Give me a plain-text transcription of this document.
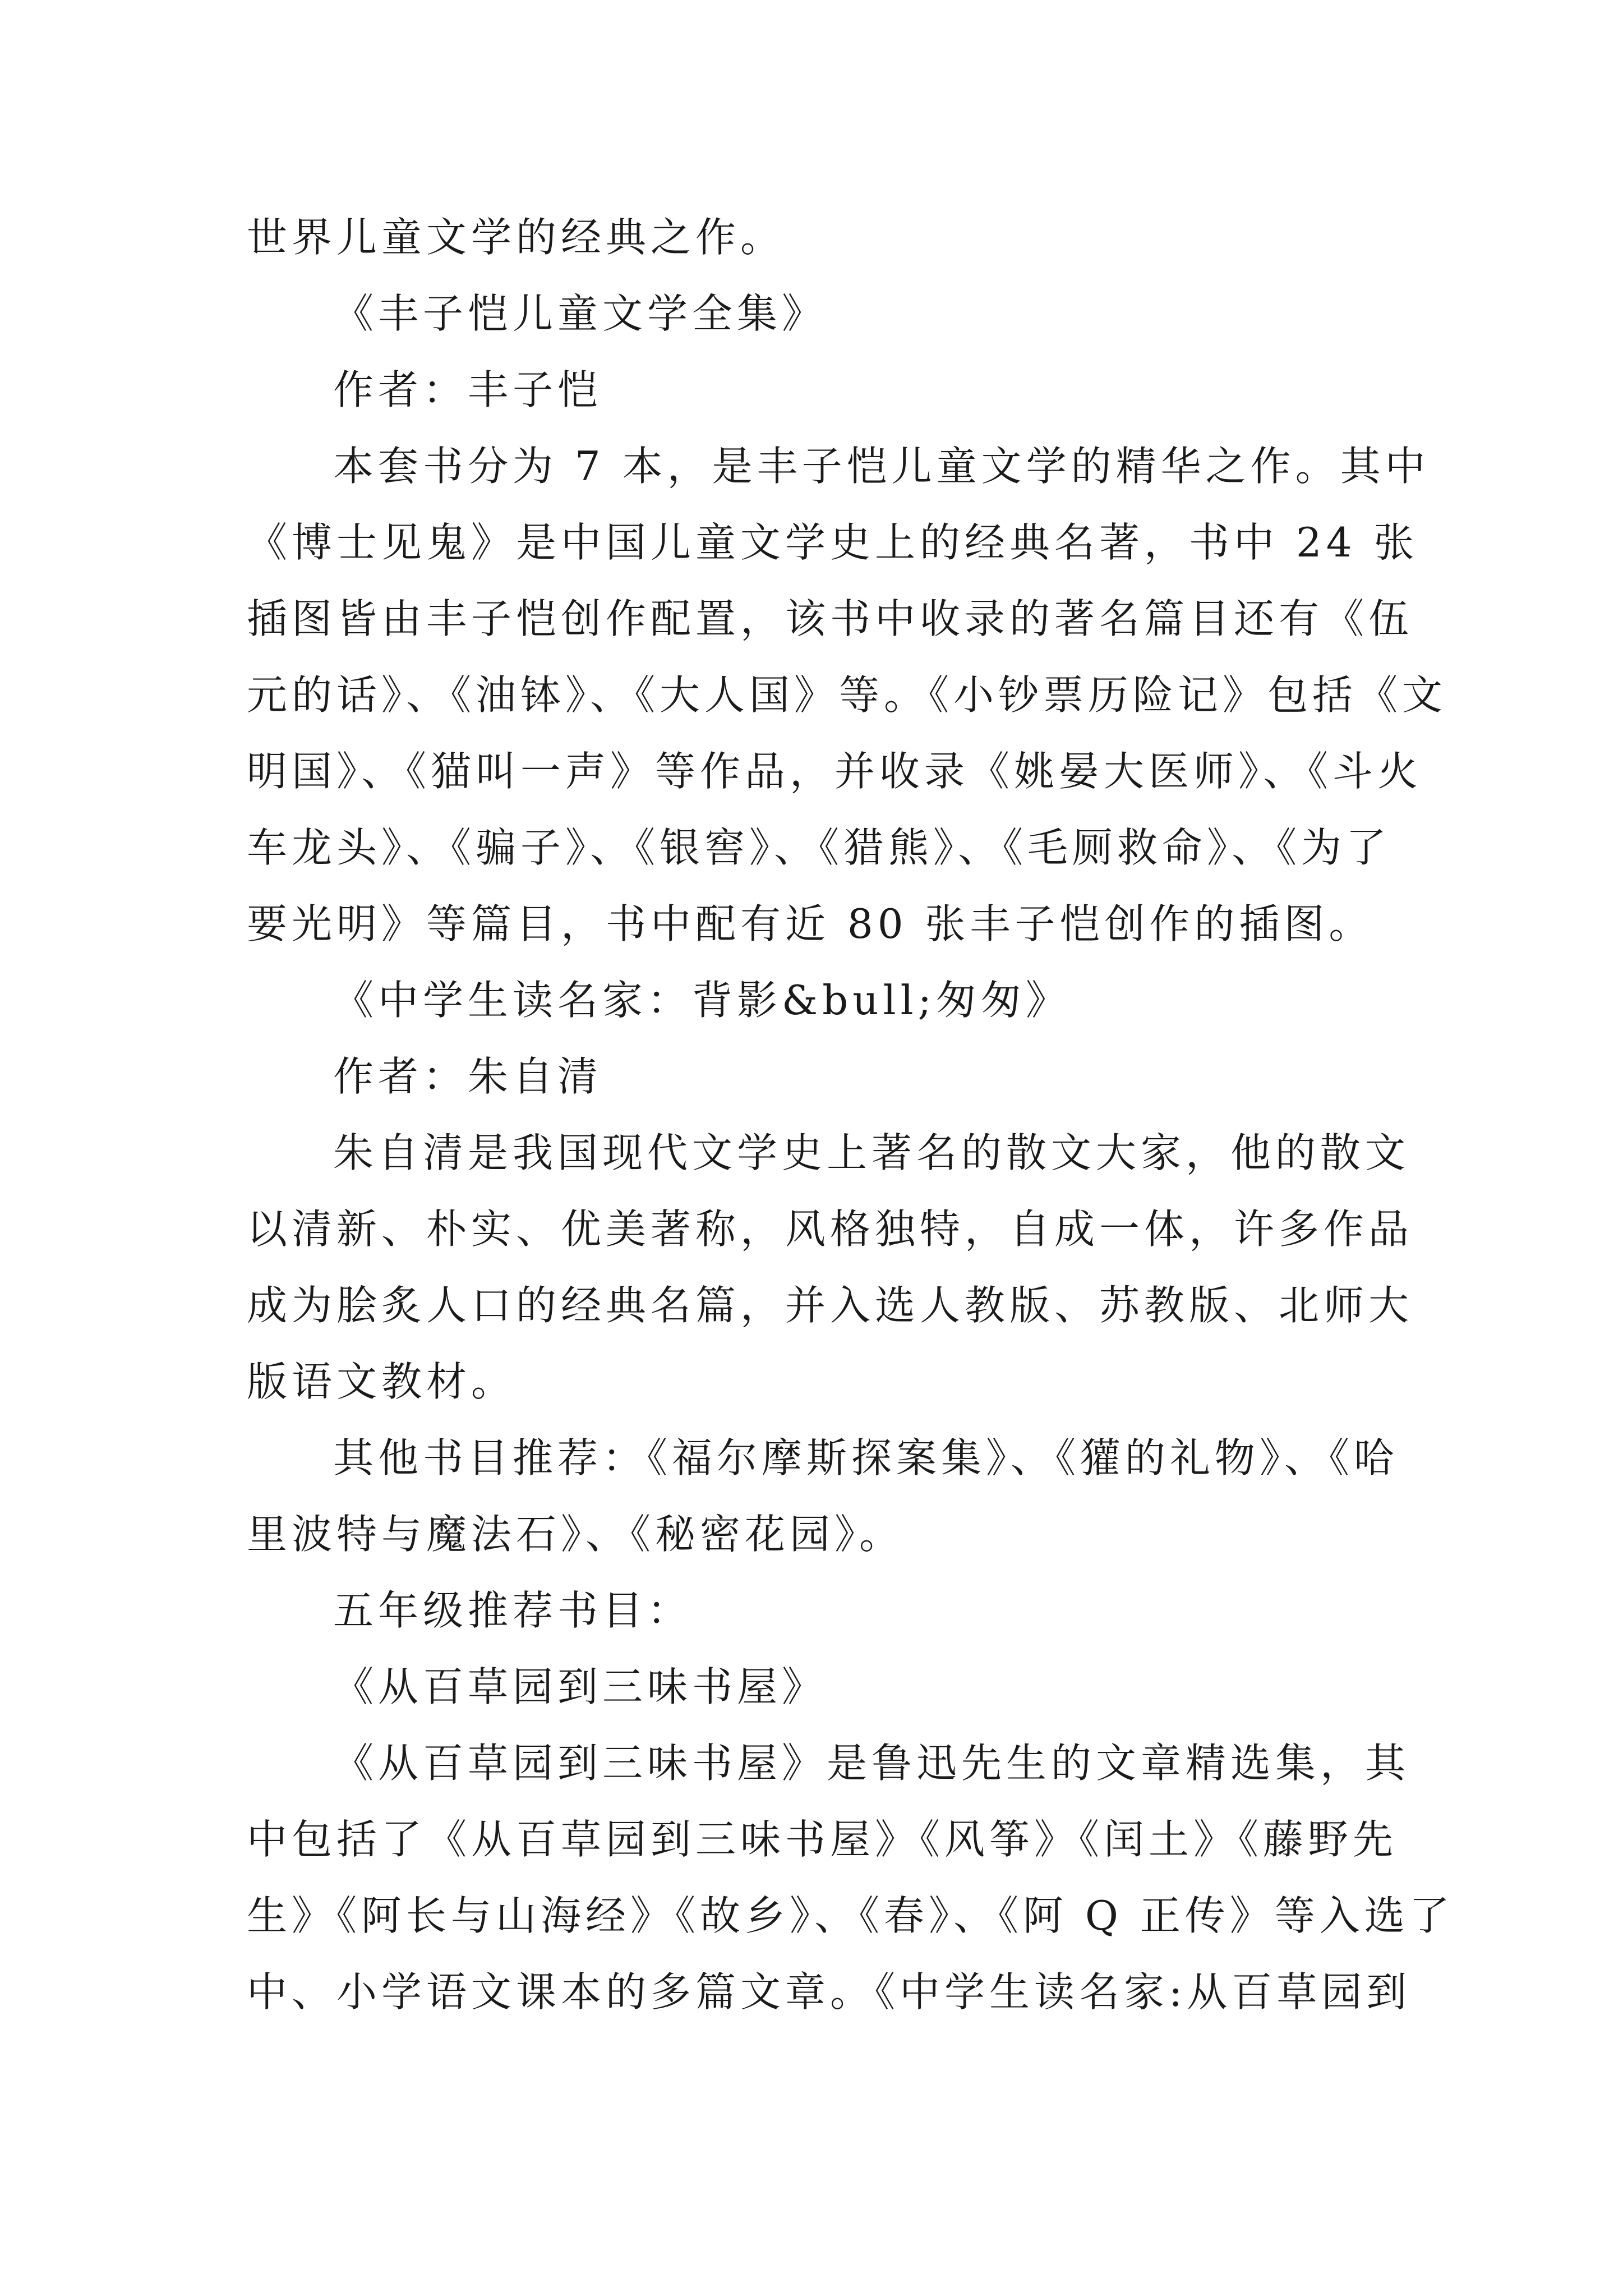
世界儿童文学的经典之作。
《丰子恺儿童文学全集》
作者：丰子恺
本套书分为 7 本，是丰子恺儿童文学的精华之作。其中
《博士见鬼》是中国儿童文学史上的经典名著，书中 24 张
插图皆由丰子恺创作配置，该书中收录的著名篇目还有《伍
元的话》、《油钵》、《大人国》等。《小钞票历险记》包括《文
明国》、《猫叫一声》等作品，并收录《姚晏大医师》、《斗火
车龙头》、《骗子》、《银窖》、《猎熊》、《毛厕救命》、《为了
要光明》等篇目，书中配有近 80 张丰子恺创作的插图。
《中学生读名家：背影&bull;匆匆》
作者：朱自清
朱自清是我国现代文学史上著名的散文大家，他的散文
以清新、朴实、优美著称，风格独特，自成一体，许多作品
成为脍炙人口的经典名篇，并入选人教版、苏教版、北师大
版语文教材。
其他书目推荐：《福尔摩斯探案集》、《獾的礼物》、《哈
里波特与魔法石》、《秘密花园》。
五年级推荐书目：
《从百草园到三味书屋》
《从百草园到三味书屋》是鲁迅先生的文章精选集，其
中包括了《从百草园到三味书屋》《风筝》《闰土》《藤野先
生》《阿长与山海经》《故乡》、《春》、《阿 Q 正传》等入选了
中、小学语文课本的多篇文章。《中学生读名家:从百草园到
